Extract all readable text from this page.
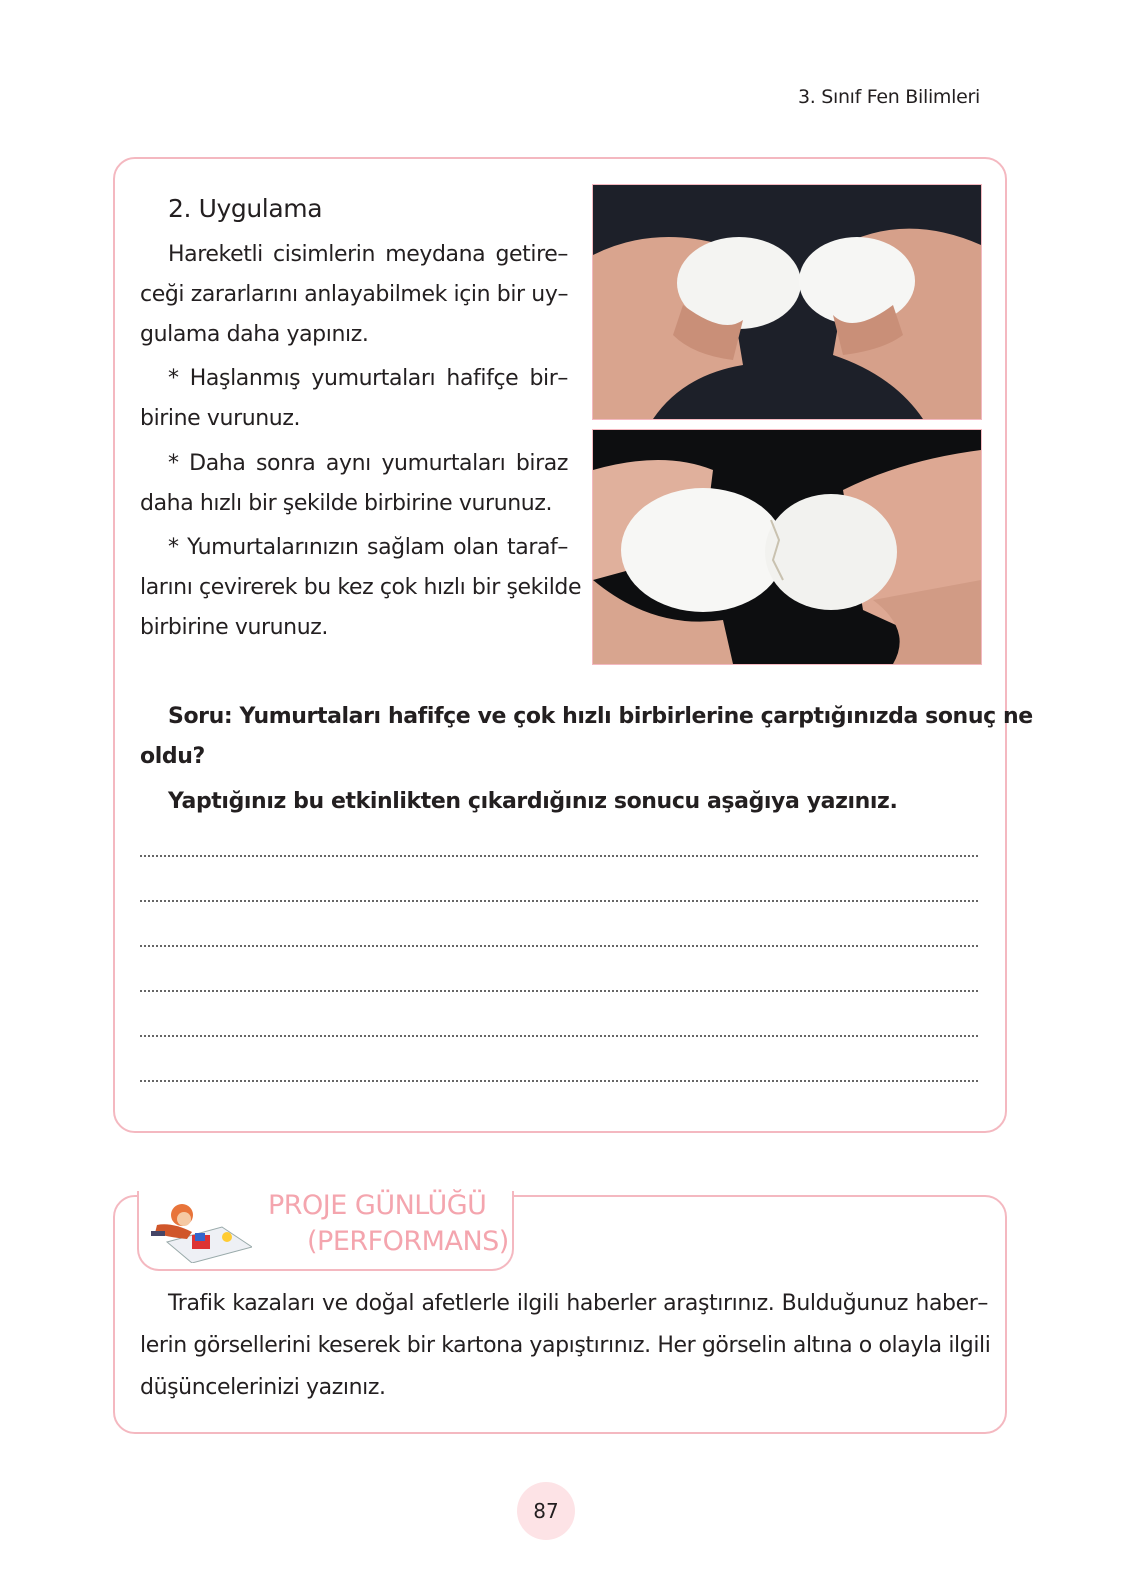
3. Sınıf Fen Bilimleri
2. Uygulama
Hareketli cisimlerin meydana getire–
ceği zararlarını anlayabilmek için bir uy–
gulama daha yapınız.
* Haşlanmış yumurtaları hafifçe bir–
birine vurunuz.
* Daha sonra aynı yumurtaları biraz
daha hızlı bir şekilde birbirine vurunuz.
* Yumurtalarınızın sağlam olan taraf–
larını çevirerek bu kez çok hızlı bir şekilde
birbirine vurunuz.
Soru: Yumurtaları hafifçe ve çok hızlı birbirlerine çarptığınızda sonuç ne
oldu?
Yaptığınız bu etkinlikten çıkardığınız sonucu aşağıya yazınız.
PROJE GÜNLÜĞÜ
(PERFORMANS)
Trafik kazaları ve doğal afetlerle ilgili haberler araştırınız. Bulduğunuz haber–
lerin görsellerini keserek bir kartona yapıştırınız. Her görselin altına o olayla ilgili
düşüncelerinizi yazınız.
87
